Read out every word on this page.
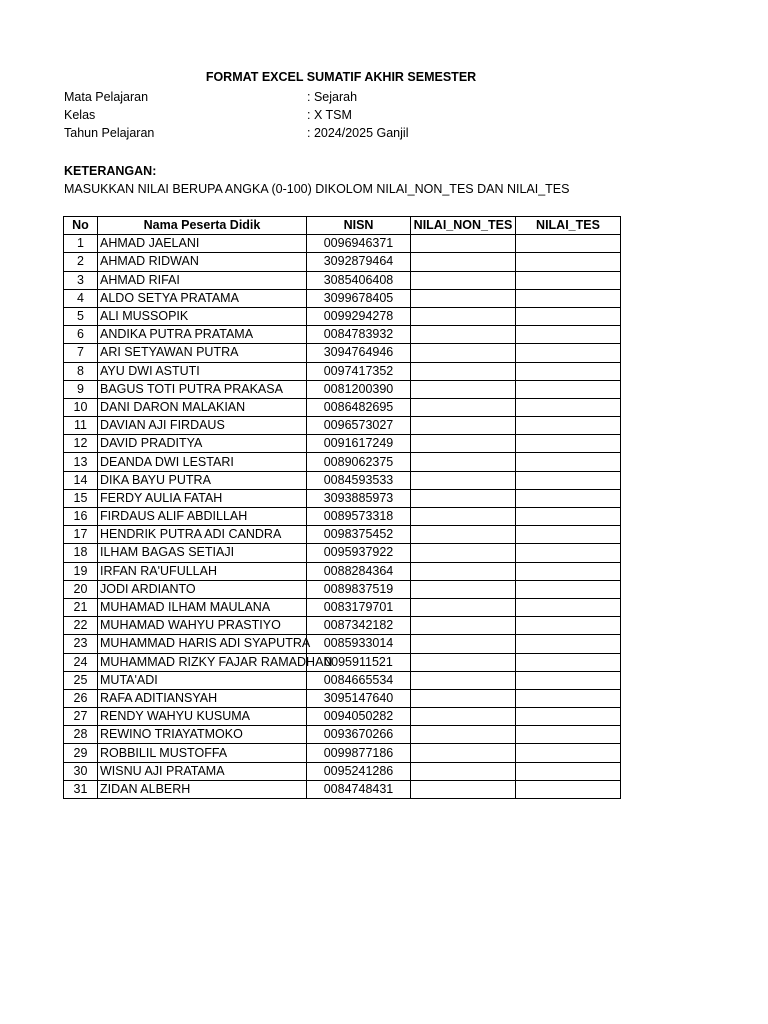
FORMAT EXCEL SUMATIF AKHIR SEMESTER
Mata Pelajaran	: Sejarah
Kelas	: X TSM
Tahun Pelajaran	: 2024/2025 Ganjil
KETERANGAN:
MASUKKAN NILAI BERUPA ANGKA (0-100) DIKOLOM NILAI_NON_TES DAN NILAI_TES
No	Nama Peserta Didik	NISN	NILAI_NON_TES	NILAI_TES
1	AHMAD JAELANI	0096946371		
2	AHMAD RIDWAN	3092879464		
3	AHMAD RIFAI	3085406408		
4	ALDO SETYA PRATAMA	3099678405		
5	ALI MUSSOPIK	0099294278		
6	ANDIKA PUTRA PRATAMA	0084783932		
7	ARI SETYAWAN PUTRA	3094764946		
8	AYU DWI ASTUTI	0097417352		
9	BAGUS TOTI PUTRA PRAKASA	0081200390		
10	DANI DARON MALAKIAN	0086482695		
11	DAVIAN AJI FIRDAUS	0096573027		
12	DAVID PRADITYA	0091617249		
13	DEANDA DWI LESTARI	0089062375		
14	DIKA BAYU PUTRA	0084593533		
15	FERDY AULIA FATAH	3093885973		
16	FIRDAUS ALIF ABDILLAH	0089573318		
17	HENDRIK PUTRA ADI CANDRA	0098375452		
18	ILHAM BAGAS SETIAJI	0095937922		
19	IRFAN RA'UFULLAH	0088284364		
20	JODI ARDIANTO	0089837519		
21	MUHAMAD ILHAM MAULANA	0083179701		
22	MUHAMAD WAHYU PRASTIYO	0087342182		
23	MUHAMMAD HARIS ADI SYAPUTRA	0085933014		
24	MUHAMMAD RIZKY FAJAR RAMADHAN	0095911521		
25	MUTA'ADI	0084665534		
26	RAFA ADITIANSYAH	3095147640		
27	RENDY WAHYU KUSUMA	0094050282		
28	REWINO TRIAYATMOKO	0093670266		
29	ROBBILIL MUSTOFFA	0099877186		
30	WISNU AJI PRATAMA	0095241286		
31	ZIDAN ALBERH	0084748431		
